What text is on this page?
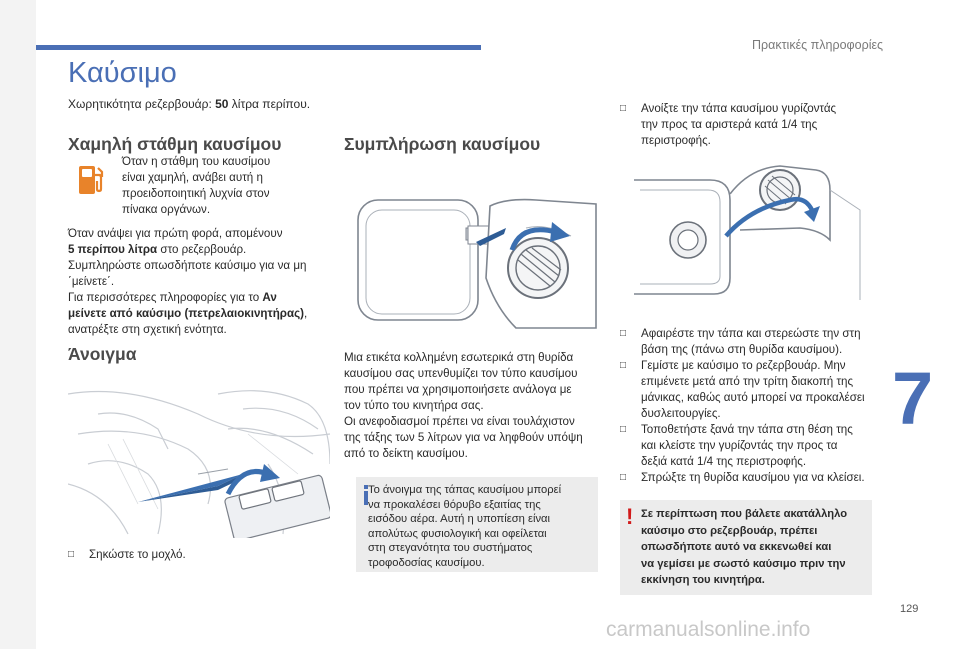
Πρακτικές πληροφορίες
7
129
Καύσιμο
Χωρητικότητα ρεζερβουάρ: 50 λίτρα περίπου.
Χαμηλή στάθμη καυσίμου
Όταν η στάθμη του καυσίμου
είναι χαμηλή, ανάβει αυτή η
προειδοποιητική λυχνία στον
πίνακα οργάνων.
Όταν ανάψει για πρώτη φορά, απομένουν
5 περίπου λίτρα στο ρεζερβουάρ.
Συμπληρώστε οπωσδήποτε καύσιμο για να μη
΄μείνετε΄.
Για περισσότερες πληροφορίες για το Αν
μείνετε από καύσιμο (πετρελαιοκινητήρας),
ανατρέξτε στη σχετική ενότητα.
Άνοιγμα
□ Σηκώστε το μοχλό.
Συμπλήρωση καυσίμου
Μια ετικέτα κολλημένη εσωτερικά στη θυρίδα
καυσίμου σας υπενθυμίζει τον τύπο καυσίμου
που πρέπει να χρησιμοποιήσετε ανάλογα με
τον τύπο του κινητήρα σας.
Οι ανεφοδιασμοί πρέπει να είναι τουλάχιστον
της τάξης των 5 λίτρων για να ληφθούν υπόψη
από το δείκτη καυσίμου.
Το άνοιγμα της τάπας καυσίμου μπορεί
να προκαλέσει θόρυβο εξαιτίας της
εισόδου αέρα. Αυτή η υποπίεση είναι
απολύτως φυσιολογική και οφείλεται
στη στεγανότητα του συστήματος
τροφοδοσίας καυσίμου.
□ Ανοίξτε την τάπα καυσίμου γυρίζοντάς
την προς τα αριστερά κατά 1/4 της
περιστροφής.
□ Αφαιρέστε την τάπα και στερεώστε την στη
βάση της (πάνω στη θυρίδα καυσίμου).
□ Γεμίστε με καύσιμο το ρεζερβουάρ. Μην
επιμένετε μετά από την τρίτη διακοπή της
μάνικας, καθώς αυτό μπορεί να προκαλέσει
δυσλειτουργίες.
□ Τοποθετήστε ξανά την τάπα στη θέση της
και κλείστε την γυρίζοντάς την προς τα
δεξιά κατά 1/4 της περιστροφής.
□ Σπρώξτε τη θυρίδα καυσίμου για να κλείσει.
! Σε περίπτωση που βάλετε ακατάλληλο
καύσιμο στο ρεζερβουάρ, πρέπει
οπωσδήποτε αυτό να εκκενωθεί και
να γεμίσει με σωστό καύσιμο πριν την
εκκίνηση του κινητήρα.
carmanualsonline.info
